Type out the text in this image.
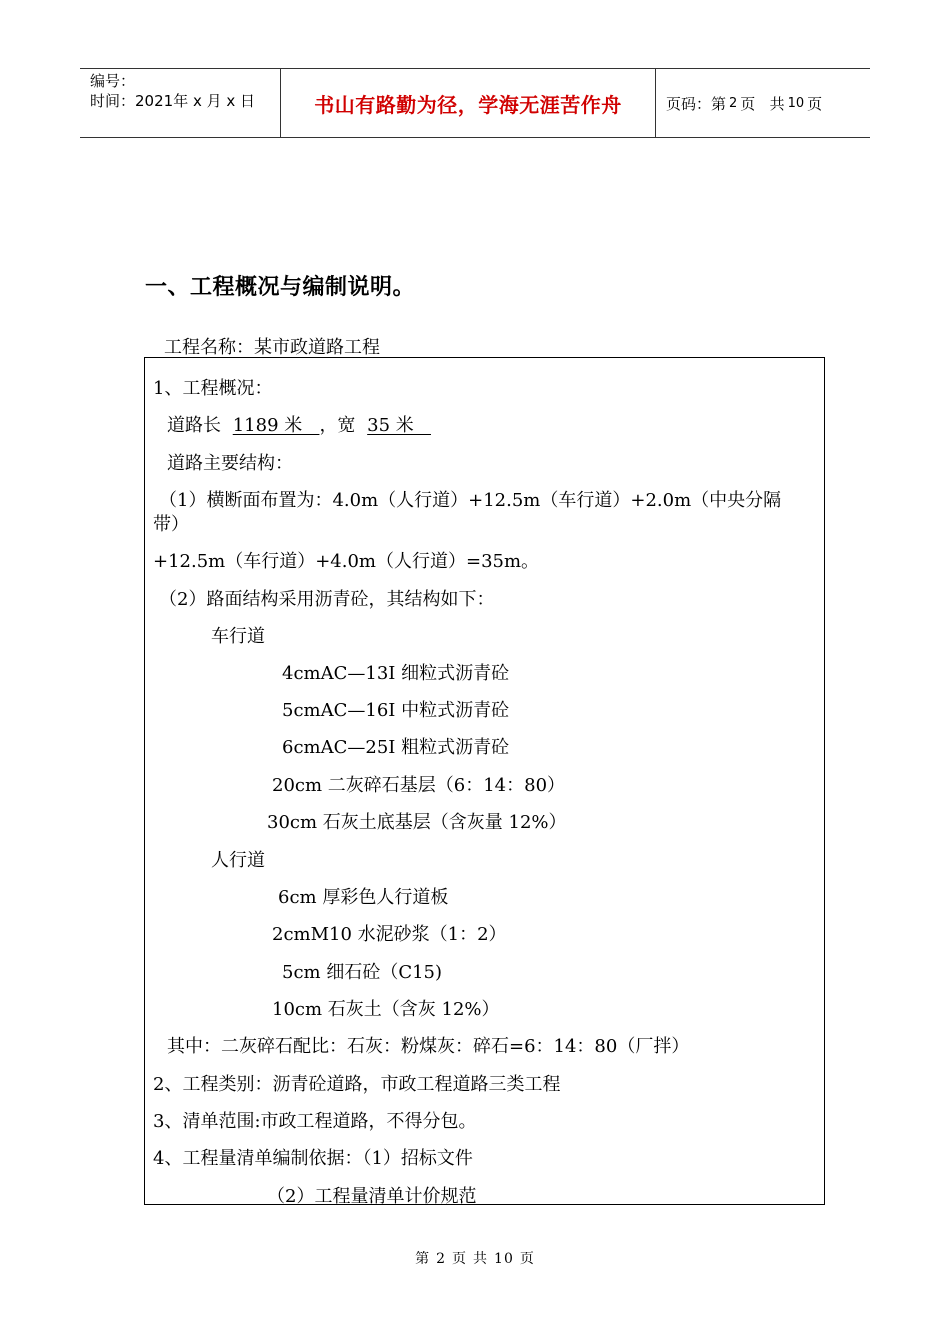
编号：
时间：2021年 x 月 x 日	书山有路勤为径，学海无涯苦作舟	页码：第 2 页   共 10 页
一、工程概况与编制说明。
工程名称：某市政道路工程
1、工程概况：
道路长 1189 米   ，宽 35 米
道路主要结构：
（1）横断面布置为：4.0m（人行道）+12.5m（车行道）+2.0m（中央分隔
带）
+12.5m（车行道）+4.0m（人行道）=35m。
（2）路面结构采用沥青砼，其结构如下：
车行道
4cmAC—13I 细粒式沥青砼
5cmAC—16I 中粒式沥青砼
6cmAC—25I 粗粒式沥青砼
20cm 二灰碎石基层（6：14：80）
30cm 石灰土底基层（含灰量 12%）
人行道
6cm 厚彩色人行道板
2cmM10 水泥砂浆（1：2）
5cm 细石砼（C15)
10cm 石灰土（含灰 12%）
其中：二灰碎石配比：石灰：粉煤灰：碎石=6：14：80（厂拌）
2、工程类别：沥青砼道路，市政工程道路三类工程
3、清单范围:市政工程道路，不得分包。
4、工程量清单编制依据：（1）招标文件
（2）工程量清单计价规范
第 2 页 共 10 页
